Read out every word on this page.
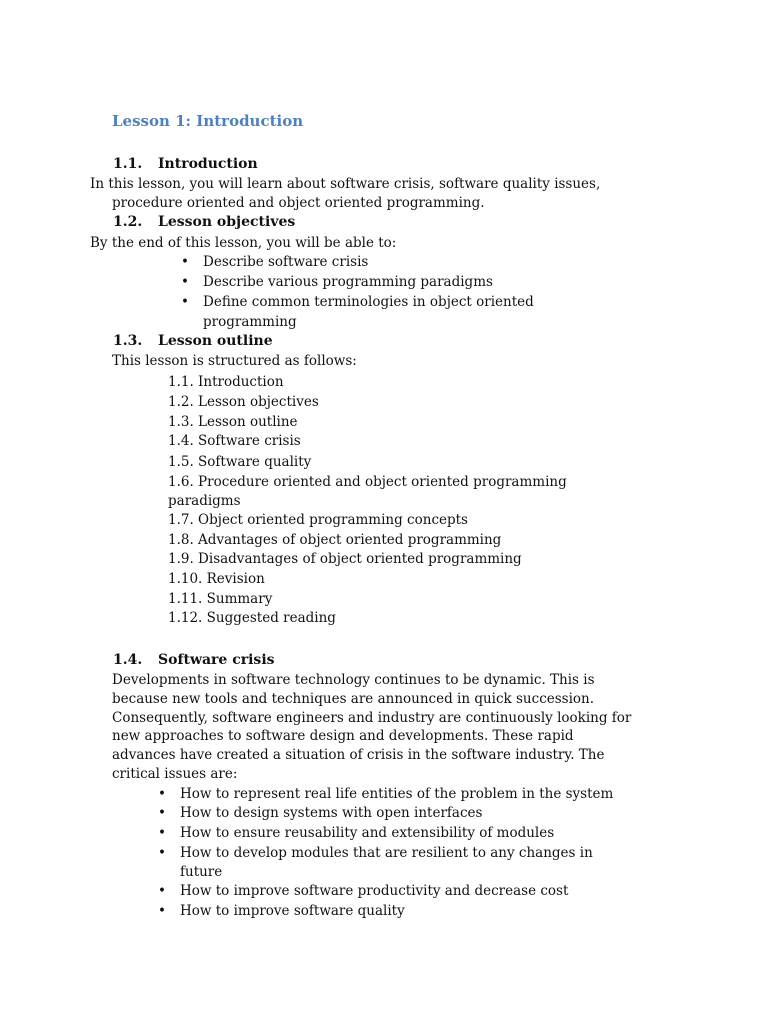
Lesson 1: Introduction
1.1. Introduction
In this lesson, you will learn about software crisis, software quality issues,
procedure oriented and object oriented programming.
1.2. Lesson objectives
By the end of this lesson, you will be able to:
• Describe software crisis
• Describe various programming paradigms
• Define common terminologies in object oriented
programming
1.3. Lesson outline
This lesson is structured as follows:
1.1. Introduction
1.2. Lesson objectives
1.3. Lesson outline
1.4. Software crisis
1.5. Software quality
1.6. Procedure oriented and object oriented programming
paradigms
1.7. Object oriented programming concepts
1.8. Advantages of object oriented programming
1.9. Disadvantages of object oriented programming
1.10. Revision
1.11. Summary
1.12. Suggested reading
1.4. Software crisis
Developments in software technology continues to be dynamic. This is
because new tools and techniques are announced in quick succession.
Consequently, software engineers and industry are continuously looking for
new approaches to software design and developments. These rapid
advances have created a situation of crisis in the software industry. The
critical issues are:
• How to represent real life entities of the problem in the system
• How to design systems with open interfaces
• How to ensure reusability and extensibility of modules
• How to develop modules that are resilient to any changes in
future
• How to improve software productivity and decrease cost
• How to improve software quality
